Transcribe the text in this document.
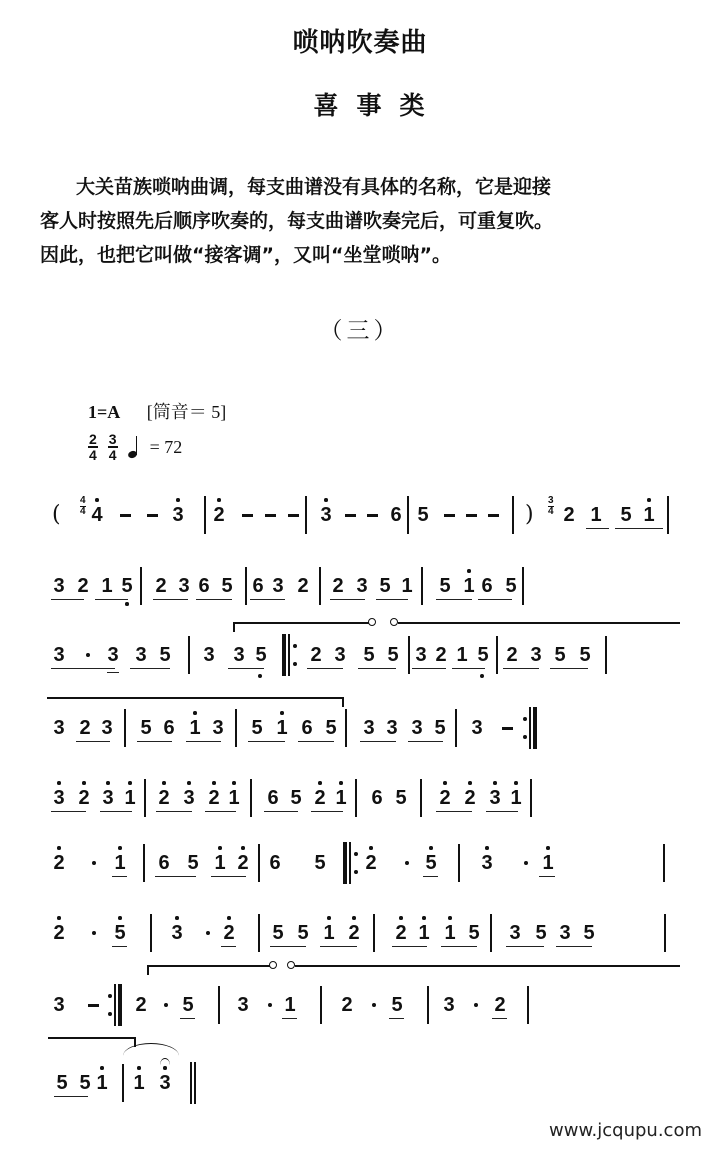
唢呐吹奏曲
喜事类

大关苗族唢呐曲调，每支曲谱没有具体的名称，它是迎接

客人时按照先后顺序吹奏的，每支曲谱吹奏完后，可重复吹。

因此，也把它叫做“接客调”，又叫“坐堂唢呐”。

（三）
1=A [筒音＝ 5]
$\frac{2}{4} \frac{3}{4} = 72$
(
4
4 4	3 2	3	6 5	)
3
4 2 1 5 1
3 2 1 5 2 3 6 5 6 3 2 2 3 5 1 5 1 6 5
3 3 3 5 3 3 5 2 3 5 5 3 2 1 5 2 3 5 5
3 2 3 5 6 1 3 5 1 6 5 3 3 3 5 3
3 2 3 1 2 3 2 1 6 5 2 1 6 5 2 2 3 1
2 1 6 5 1 2 6 5 2 5 3 1
2 5 3 2 5 5 1 2 2 1 1 5 3 5 3 5
3	2 5 3 1 2 5 3 2
5 5 1 1 3
www.jcqupu.com
